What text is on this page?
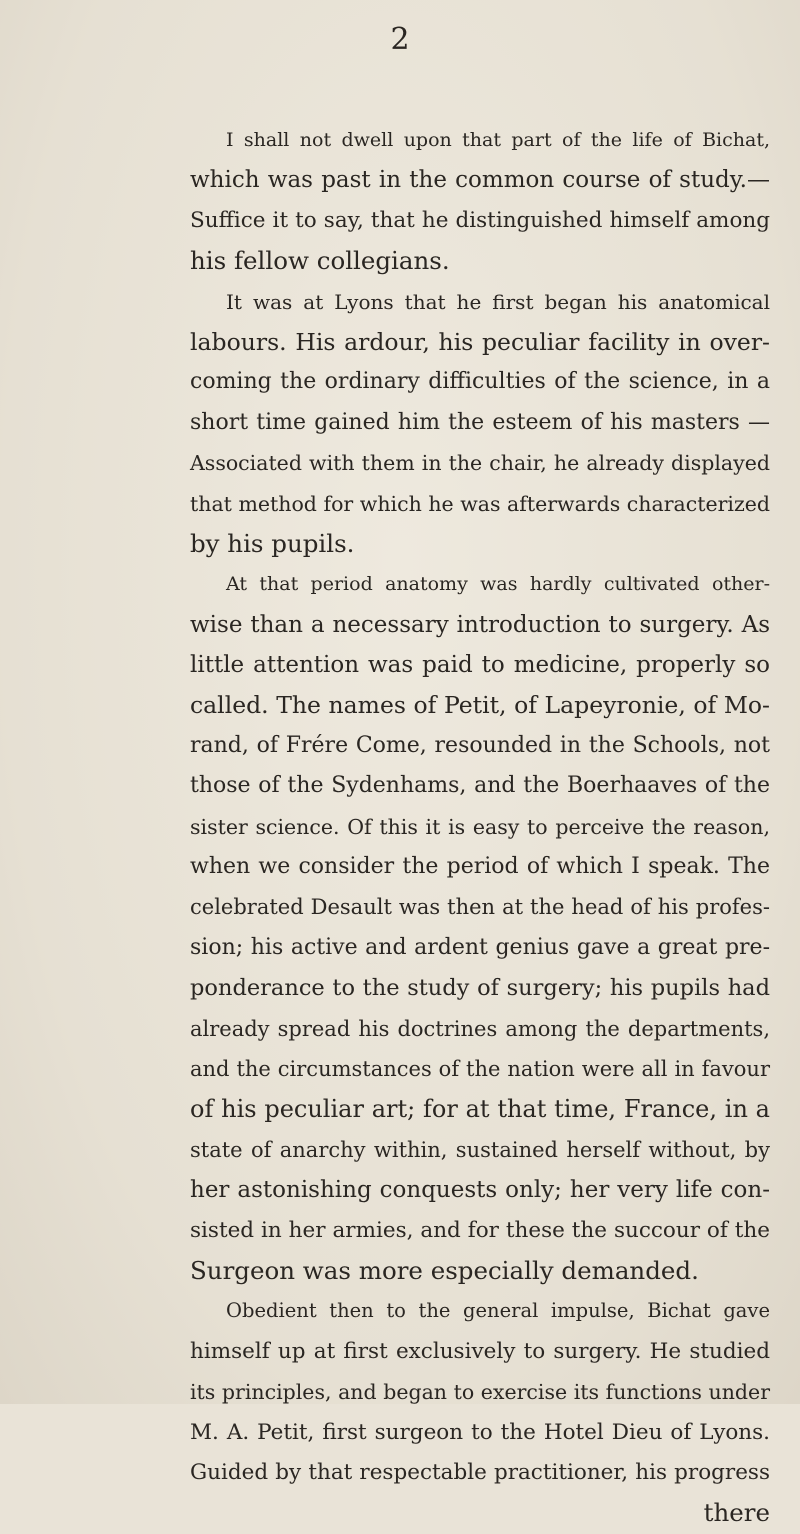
2
I shall not dwell upon that part of the life of Bichat,
which was past in the common course of study.—
Suffice it to say, that he distinguished himself among
his fellow collegians.
It was at Lyons that he first began his anatomical
labours. His ardour, his peculiar facility in over-
coming the ordinary difficulties of the science, in a
short time gained him the esteem of his masters —
Associated with them in the chair, he already displayed
that method for which he was afterwards characterized
by his pupils.
At that period anatomy was hardly cultivated other-
wise than a necessary introduction to surgery. As
little attention was paid to medicine, properly so
called. The names of Petit, of Lapeyronie, of Mo-
rand, of Frére Come, resounded in the Schools, not
those of the Sydenhams, and the Boerhaaves of the
sister science. Of this it is easy to perceive the reason,
when we consider the period of which I speak. The
celebrated Desault was then at the head of his profes-
sion; his active and ardent genius gave a great pre-
ponderance to the study of surgery; his pupils had
already spread his doctrines among the departments,
and the circumstances of the nation were all in favour
of his peculiar art; for at that time, France, in a
state of anarchy within, sustained herself without, by
her astonishing conquests only; her very life con-
sisted in her armies, and for these the succour of the
Surgeon was more especially demanded.
Obedient then to the general impulse, Bichat gave
himself up at first exclusively to surgery. He studied
its principles, and began to exercise its functions under
M. A. Petit, first surgeon to the Hotel Dieu of Lyons.
Guided by that respectable practitioner, his progress
there
